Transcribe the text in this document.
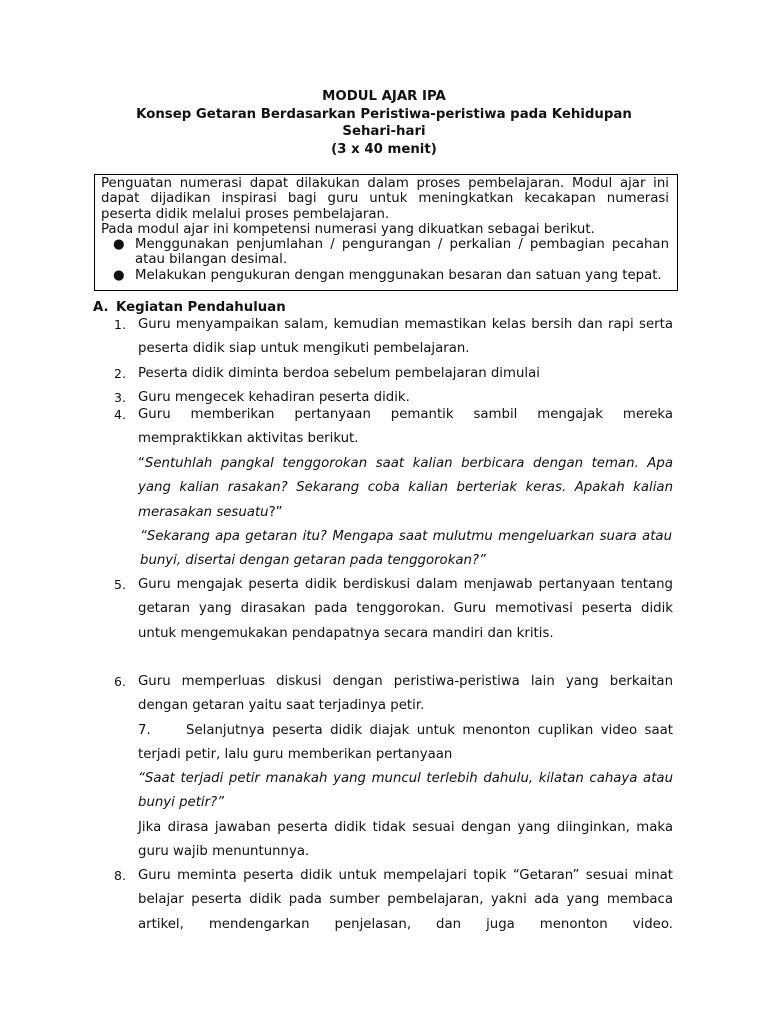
MODUL AJAR IPA
Konsep Getaran Berdasarkan Peristiwa-peristiwa pada Kehidupan
Sehari-hari
(3 x 40 menit)
Penguatan numerasi dapat dilakukan dalam proses pembelajaran. Modul ajar ini dapat dijadikan inspirasi bagi guru untuk meningkatkan kecakapan numerasi peserta didik melalui proses pembelajaran.
Pada modul ajar ini kompetensi numerasi yang dikuatkan sebagai berikut.
● Menggunakan penjumlahan / pengurangan / perkalian / pembagian pecahan atau bilangan desimal.
● Melakukan pengukuran dengan menggunakan besaran dan satuan yang tepat.
A. Kegiatan Pendahuluan
1. Guru menyampaikan salam, kemudian memastikan kelas bersih dan rapi serta peserta didik siap untuk mengikuti pembelajaran.
2. Peserta didik diminta berdoa sebelum pembelajaran dimulai
3. Guru mengecek kehadiran peserta didik.
4. Guru memberikan pertanyaan pemantik sambil mengajak mereka mempraktikkan aktivitas berikut.
“Sentuhlah pangkal tenggorokan saat kalian berbicara dengan teman. Apa yang kalian rasakan? Sekarang coba kalian berteriak keras. Apakah kalian merasakan sesuatu?”
“Sekarang apa getaran itu? Mengapa saat mulutmu mengeluarkan suara atau bunyi, disertai dengan getaran pada tenggorokan?”
5. Guru mengajak peserta didik berdiskusi dalam menjawab pertanyaan tentang getaran yang dirasakan pada tenggorokan. Guru memotivasi peserta didik untuk mengemukakan pendapatnya secara mandiri dan kritis.
6. Guru memperluas diskusi dengan peristiwa-peristiwa lain yang berkaitan dengan getaran yaitu saat terjadinya petir.
7.	Selanjutnya peserta didik diajak untuk menonton cuplikan video saat terjadi petir, lalu guru memberikan pertanyaan
“Saat terjadi petir manakah yang muncul terlebih dahulu, kilatan cahaya atau bunyi petir?”
Jika dirasa jawaban peserta didik tidak sesuai dengan yang diinginkan, maka guru wajib menuntunnya.
8. Guru meminta peserta didik untuk mempelajari topik “Getaran” sesuai minat belajar peserta didik pada sumber pembelajaran, yakni ada yang membaca artikel, mendengarkan penjelasan, dan juga menonton video.
